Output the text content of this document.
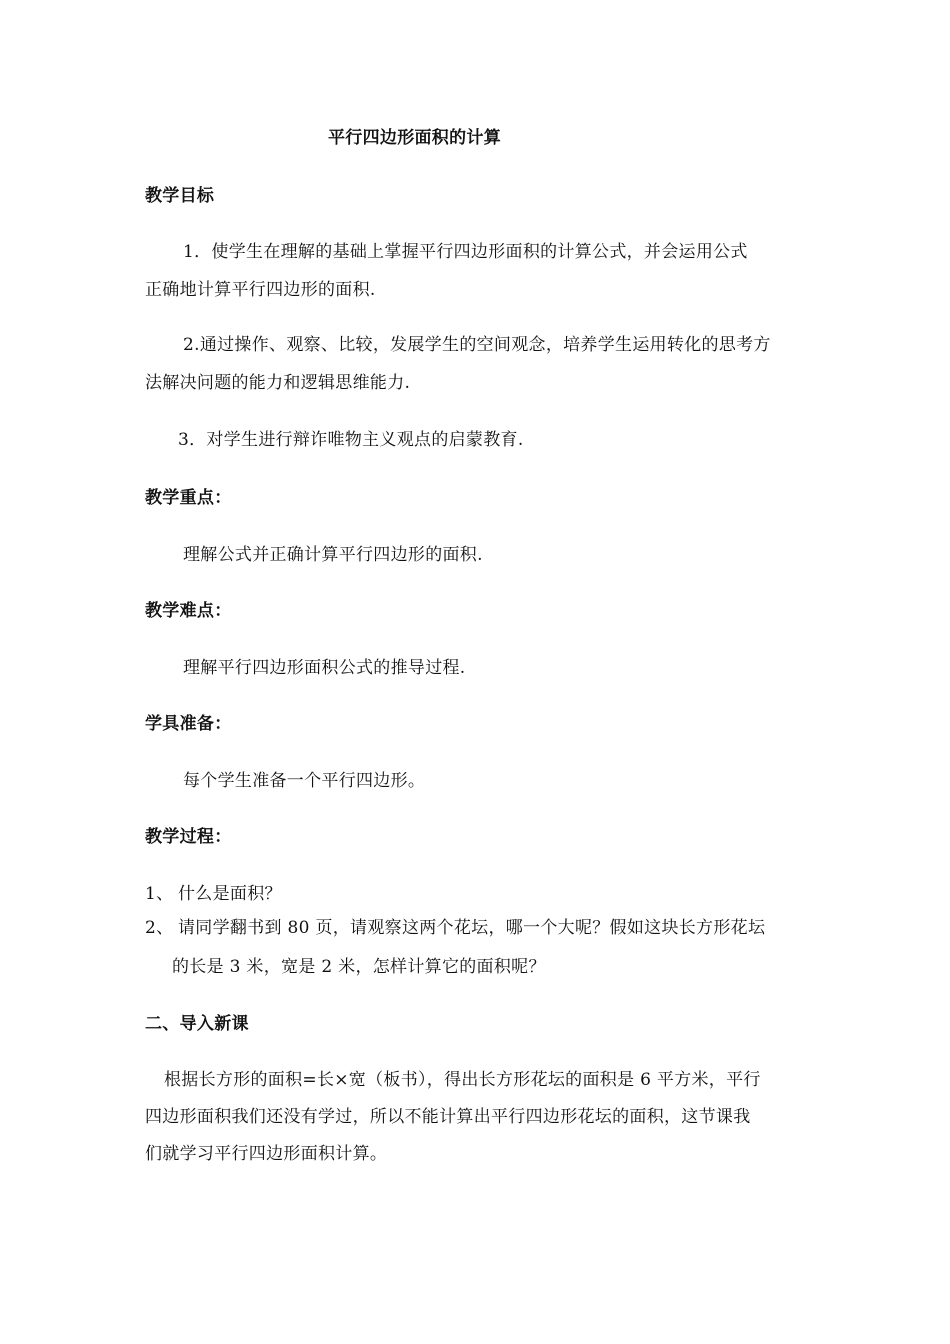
平行四边形面积的计算
教学目标
1．使学生在理解的基础上掌握平行四边形面积的计算公式，并会运用公式
正确地计算平行四边形的面积.
2.通过操作、观察、比较，发展学生的空间观念，培养学生运用转化的思考方
法解决问题的能力和逻辑思维能力.
3．对学生进行辩诈唯物主义观点的启蒙教育.
教学重点：
理解公式并正确计算平行四边形的面积.
教学难点：
理解平行四边形面积公式的推导过程.
学具准备：
每个学生准备一个平行四边形。
教学过程：
1、 什么是面积？
2、 请同学翻书到 80 页，请观察这两个花坛，哪一个大呢？假如这块长方形花坛
的长是 3 米，宽是 2 米，怎样计算它的面积呢？
二、导入新课
根据长方形的面积=长×宽（板书），得出长方形花坛的面积是 6 平方米，平行
四边形面积我们还没有学过，所以不能计算出平行四边形花坛的面积，这节课我
们就学习平行四边形面积计算。
